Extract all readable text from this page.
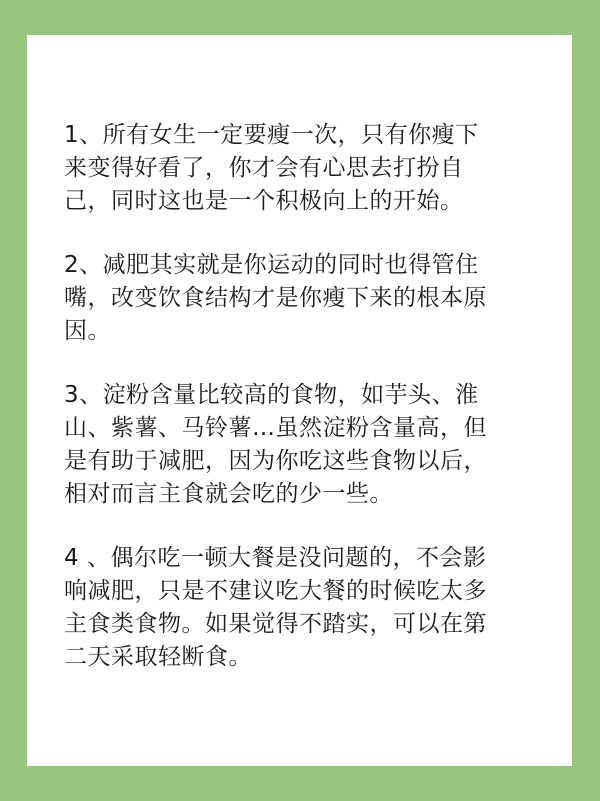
1、所有女生一定要瘦一次，只有你瘦下
来变得好看了，你才会有心思去打扮自
己，同时这也是一个积极向上的开始。

2、减肥其实就是你运动的同时也得管住
嘴，改变饮食结构才是你瘦下来的根本原
因。

3、淀粉含量比较高的食物，如芋头、淮
山、紫薯、马铃薯…虽然淀粉含量高，但
是有助于减肥，因为你吃这些食物以后，
相对而言主食就会吃的少一些。

4 、偶尔吃一顿大餐是没问题的，不会影
响减肥，只是不建议吃大餐的时候吃太多
主食类食物。如果觉得不踏实，可以在第
二天采取轻断食。
